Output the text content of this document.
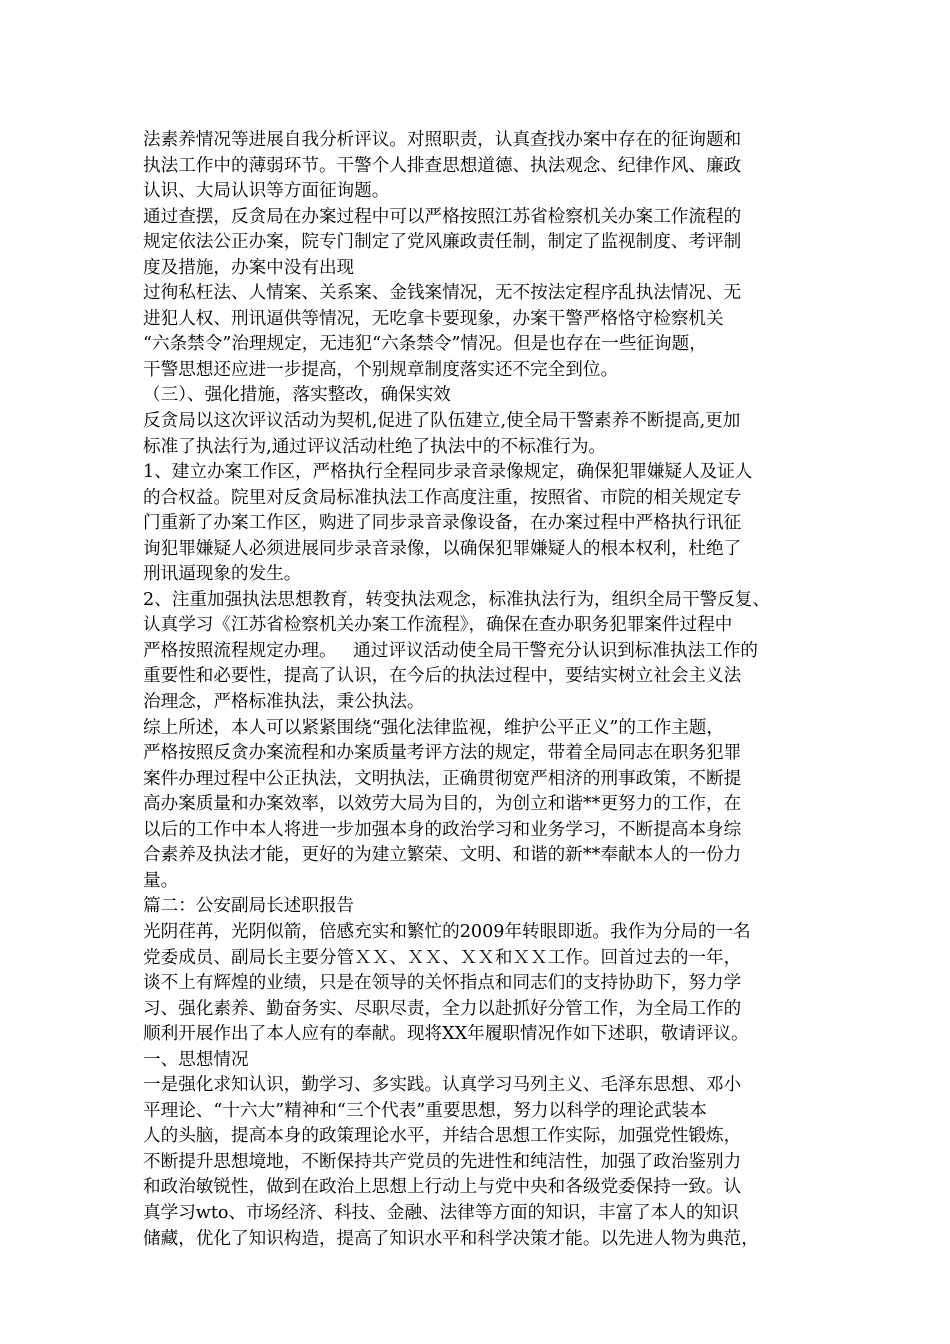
法素养情况等进展自我分析评议。对照职责，认真查找办案中存在的征询题和
执法工作中的薄弱环节。干警个人排查思想道德、执法观念、纪律作风、廉政
认识、大局认识等方面征询题。
通过查摆，反贪局在办案过程中可以严格按照江苏省检察机关办案工作流程的
规定依法公正办案，院专门制定了党风廉政责任制，制定了监视制度、考评制
度及措施，办案中没有出现
过徇私枉法、人情案、关系案、金钱案情况，无不按法定程序乱执法情况、无
进犯人权、刑讯逼供等情况，无吃拿卡要现象，办案干警严格恪守检察机关
“六条禁令”治理规定，无违犯“六条禁令”情况。但是也存在一些征询题，
干警思想还应进一步提高，个别规章制度落实还不完全到位。
（三）、强化措施，落实整改，确保实效
反贪局以这次评议活动为契机,促进了队伍建立,使全局干警素养不断提高,更加
标准了执法行为,通过评议活动杜绝了执法中的不标准行为。
1、建立办案工作区，严格执行全程同步录音录像规定，确保犯罪嫌疑人及证人
的合权益。院里对反贪局标准执法工作高度注重，按照省、市院的相关规定专
门重新了办案工作区，购进了同步录音录像设备，在办案过程中严格执行讯征
询犯罪嫌疑人必须进展同步录音录像，以确保犯罪嫌疑人的根本权利，杜绝了
刑讯逼现象的发生。
2、注重加强执法思想教育，转变执法观念，标准执法行为，组织全局干警反复、
认真学习《江苏省检察机关办案工作流程》，确保在查办职务犯罪案件过程中
严格按照流程规定办理。   通过评议活动使全局干警充分认识到标准执法工作的
重要性和必要性，提高了认识，在今后的执法过程中，要结实树立社会主义法
治理念，严格标准执法，秉公执法。
综上所述，本人可以紧紧围绕“强化法律监视，维护公平正义”的工作主题，
严格按照反贪办案流程和办案质量考评方法的规定，带着全局同志在职务犯罪
案件办理过程中公正执法，文明执法，正确贯彻宽严相济的刑事政策，不断提
高办案质量和办案效率，以效劳大局为目的，为创立和谐**更努力的工作，在
以后的工作中本人将进一步加强本身的政治学习和业务学习，不断提高本身综
合素养及执法才能，更好的为建立繁荣、文明、和谐的新**奉献本人的一份力
量。
篇二：公安副局长述职报告
光阴荏苒，光阴似箭，倍感充实和繁忙的2009年转眼即逝。我作为分局的一名
党委成员、副局长主要分管ＸＸ、ＸＸ、ＸＸ和ＸＸ工作。回首过去的一年，
谈不上有辉煌的业绩，只是在领导的关怀指点和同志们的支持协助下，努力学
习、强化素养、勤奋务实、尽职尽责，全力以赴抓好分管工作，为全局工作的
顺利开展作出了本人应有的奉献。现将XX年履职情况作如下述职，敬请评议。
一、思想情况
一是强化求知认识，勤学习、多实践。认真学习马列主义、毛泽东思想、邓小
平理论、“十六大”精神和“三个代表”重要思想，努力以科学的理论武装本
人的头脑，提高本身的政策理论水平，并结合思想工作实际，加强党性锻炼，
不断提升思想境地，不断保持共产党员的先进性和纯洁性，加强了政治鉴别力
和政治敏锐性，做到在政治上思想上行动上与党中央和各级党委保持一致。认
真学习wto、市场经济、科技、金融、法律等方面的知识，丰富了本人的知识
储藏，优化了知识构造，提高了知识水平和科学决策才能。以先进人物为典范，
